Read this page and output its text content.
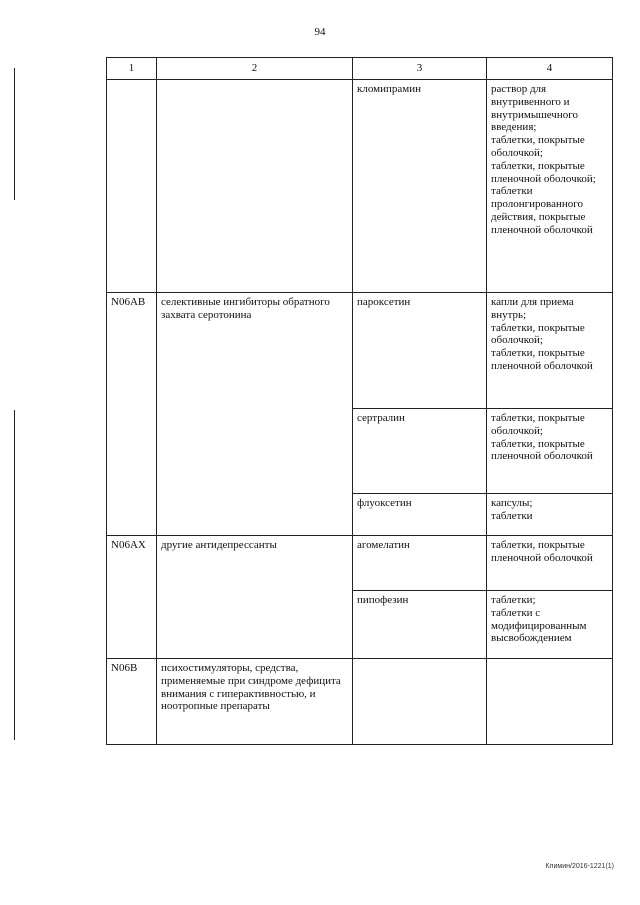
94
1	2	3	4
		кломипрамин	раствор для внутривенного и внутримышечного введения;
таблетки, покрытые оболочкой;
таблетки, покрытые пленочной оболочкой;
таблетки пролонгированного действия, покрытые пленочной оболочкой

N06AB	селективные ингибиторы обратного захвата серотонина	пароксетин	капли для приема внутрь;
таблетки, покрытые оболочкой;
таблетки, покрытые пленочной оболочкой

		сертралин	таблетки, покрытые оболочкой;
таблетки, покрытые пленочной оболочкой

		флуоксетин	капсулы;
таблетки

N06AX	другие антидепрессанты	агомелатин	таблетки, покрытые пленочной оболочкой

		пипофезин	таблетки;
таблетки с модифицированным высвобождением

N06B	психостимуляторы, средства, применяемые при синдроме дефицита внимания с гиперактивностью, и ноотропные препараты		
Климин/2016-1221(1)
